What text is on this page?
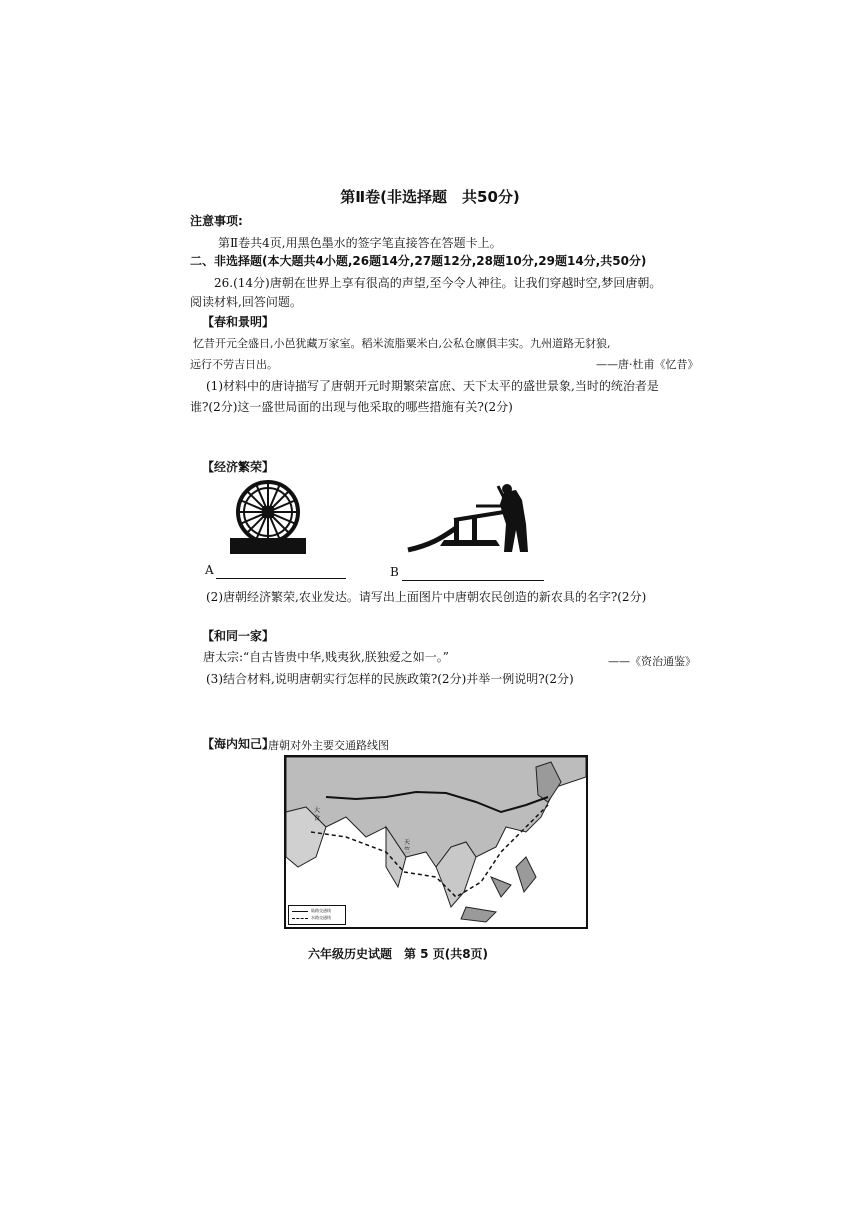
第Ⅱ卷(非选择题　共50分)
注意事项:
第Ⅱ卷共4页,用黑色墨水的签字笔直接答在答题卡上。
二、非选择题(本大题共4小题,26题14分,27题12分,28题10分,29题14分,共50分)
26.(14分)唐朝在世界上享有很高的声望,至今令人神往。让我们穿越时空,梦回唐朝。
阅读材料,回答问题。
【春和景明】
忆昔开元全盛日,小邑犹藏万家室。稻米流脂粟米白,公私仓廪俱丰实。九州道路无豺狼,
远行不劳吉日出。	——唐·杜甫《忆昔》
(1)材料中的唐诗描写了唐朝开元时期繁荣富庶、天下太平的盛世景象,当时的统治者是
谁?(2分)这一盛世局面的出现与他采取的哪些措施有关?(2分)
【经济繁荣】
A	B
(2)唐朝经济繁荣,农业发达。请写出上面图片中唐朝农民创造的新农具的名字?(2分)
【和同一家】
唐太宗:“自古皆贵中华,贱夷狄,朕独爱之如一。”	——《资治通鉴》
(3)结合材料,说明唐朝实行怎样的民族政策?(2分)并举一例说明?(2分)
【海内知己】
唐朝对外主要交通路线图
大
食
天
竺
陆路交通线
水路交通线
六年级历史试题　第 5 页(共8页)
